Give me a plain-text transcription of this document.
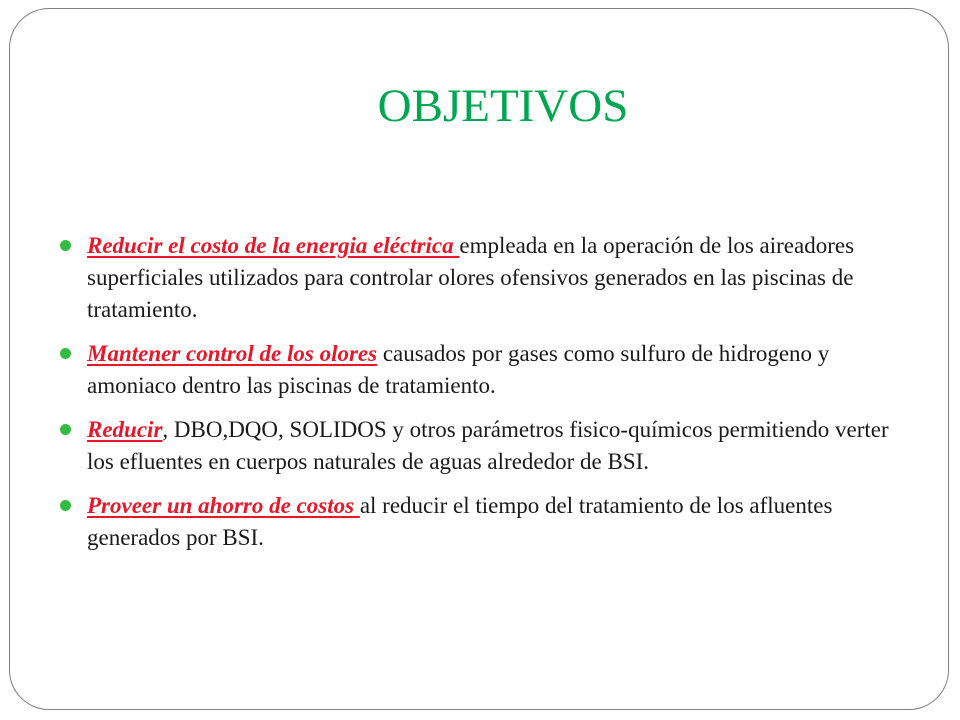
OBJETIVOS
Reducir el costo de la energia eléctrica empleada en la operación de los aireadores superficiales utilizados para controlar olores ofensivos generados en las piscinas de tratamiento.
Mantener control de los olores causados por gases como sulfuro de hidrogeno y amoniaco dentro las piscinas de tratamiento.
Reducir, DBO,DQO, SOLIDOS y otros parámetros fisico-químicos permitiendo verter los efluentes en cuerpos naturales de aguas alrededor de BSI.
Proveer un ahorro de costos al reducir el tiempo del tratamiento de los afluentes generados por BSI.
